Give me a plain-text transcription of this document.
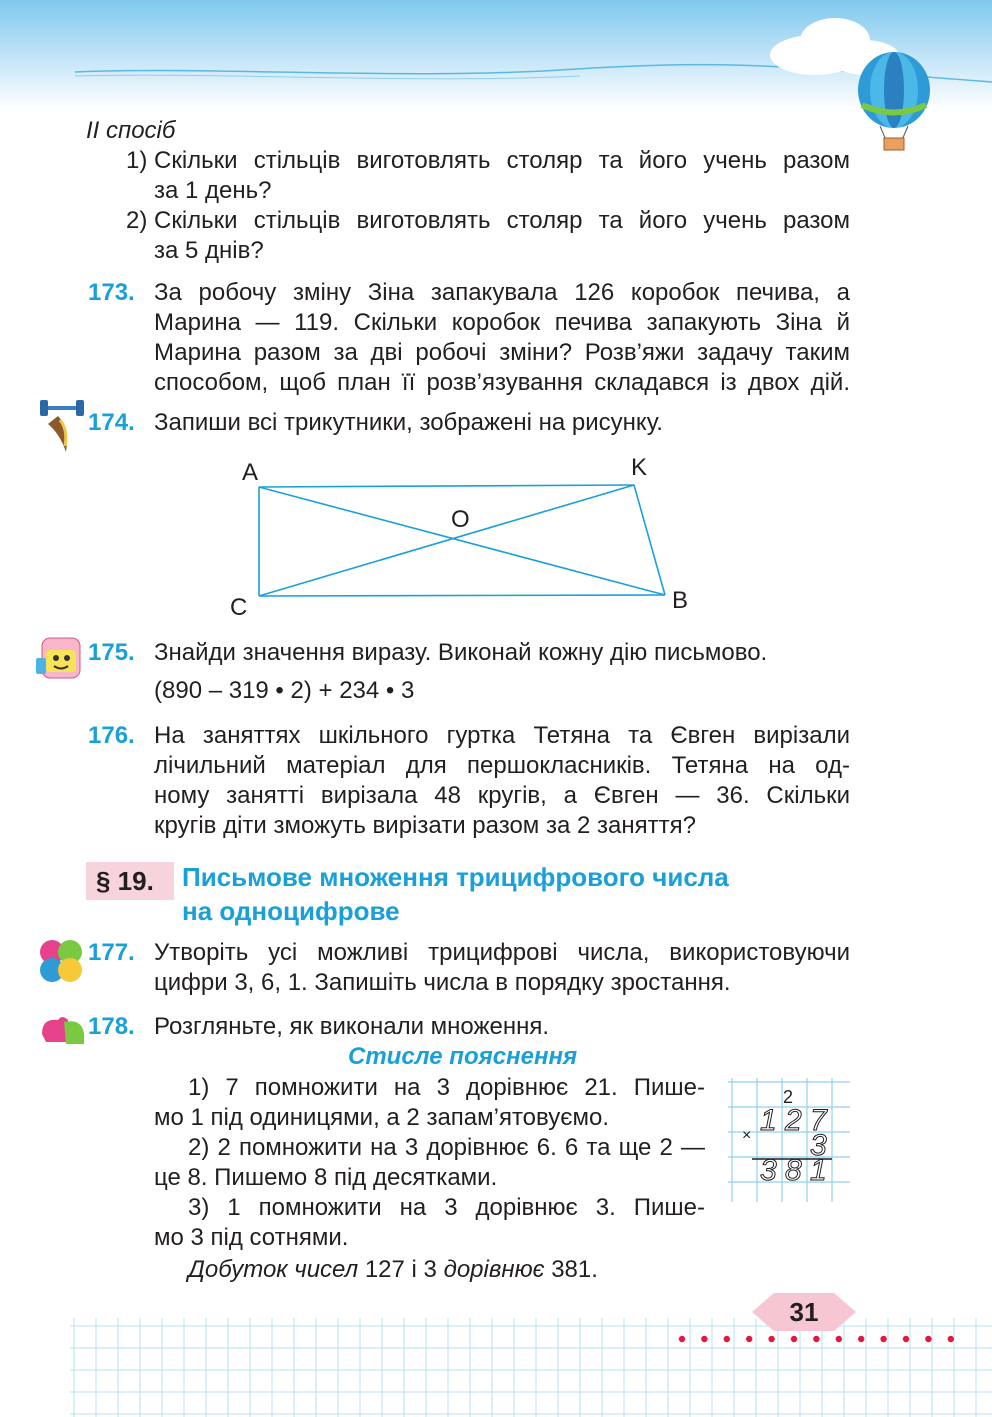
ІІ спосіб
1) Скільки стільців виготовлять столяр та його учень разом
за 1 день?
2) Скільки стільців виготовлять столяр та його учень разом
за 5 днів?
173. За робочу зміну Зіна запакувала 126 коробок печива, а
Марина — 119. Скільки коробок печива запакують Зіна й
Марина разом за дві робочі зміни? Розв’яжи задачу таким
способом, щоб план її розв’язування складався із двох дій.
174. Запиши всі трикутники, зображені на рисунку.
A	K
O
C	B
175. Знайди значення виразу. Виконай кожну дію письмово.
(890 – 319 • 2) + 234 • 3
176. На заняттях шкільного гуртка Тетяна та Євген вирізали
лічильний матеріал для першокласників. Тетяна на од-
ному занятті вирізала 48 кругів, а Євген — 36. Скільки
кругів діти зможуть вирізати разом за 2 заняття?
§ 19. Письмове множення трицифрового числа
на одноцифрове
177. Утворіть усі можливі трицифрові числа, використовуючи
цифри 3, 6, 1. Запишіть числа в порядку зростання.
178. Розгляньте, як виконали множення.
Стисле пояснення
1) 7 помножити на 3 дорівнює 21. Пише-
мо 1 під одиницями, а 2 запам’ятовуємо.
2) 2 помножити на 3 дорівнює 6. 6 та ще 2 —
це 8. Пишемо 8 під десятками.
3) 1 помножити на 3 дорівнює 3. Пише-
мо 3 під сотнями.
Добуток чисел 127 і 3 дорівнює 381.
2
× 1 2 7
3
3 8 1
31
